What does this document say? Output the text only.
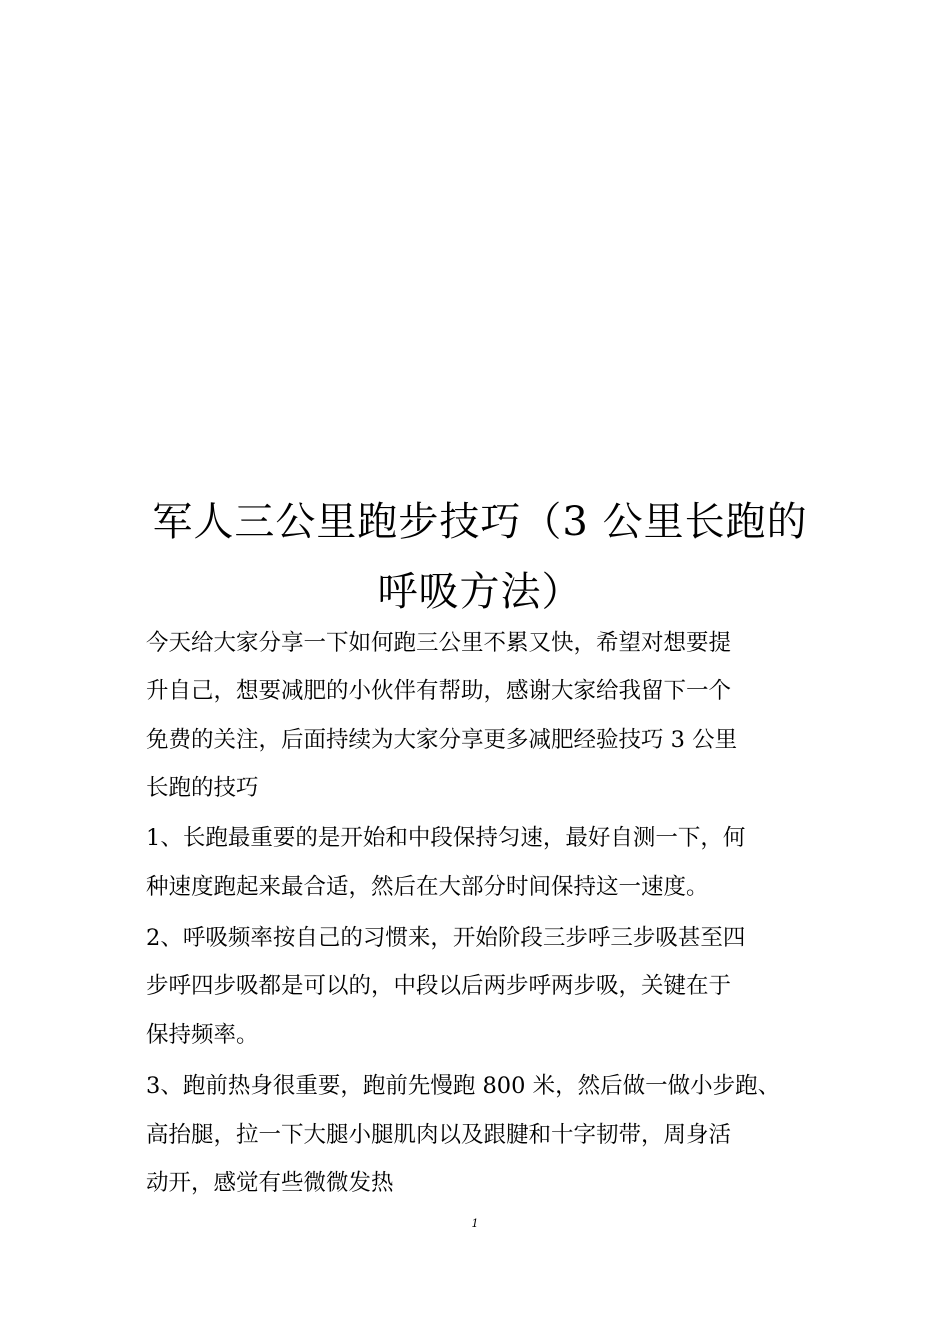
军人三公里跑步技巧（3 公里长跑的
呼吸方法）
今天给大家分享一下如何跑三公里不累又快，希望对想要提
升自己，想要减肥的小伙伴有帮助，感谢大家给我留下一个
免费的关注，后面持续为大家分享更多减肥经验技巧 3 公里
长跑的技巧
1、长跑最重要的是开始和中段保持匀速，最好自测一下，何
种速度跑起来最合适，然后在大部分时间保持这一速度。
2、呼吸频率按自己的习惯来，开始阶段三步呼三步吸甚至四
步呼四步吸都是可以的，中段以后两步呼两步吸，关键在于
保持频率。
3、跑前热身很重要，跑前先慢跑 800 米，然后做一做小步跑、
高抬腿，拉一下大腿小腿肌肉以及跟腱和十字韧带，周身活
动开，感觉有些微微发热
1
